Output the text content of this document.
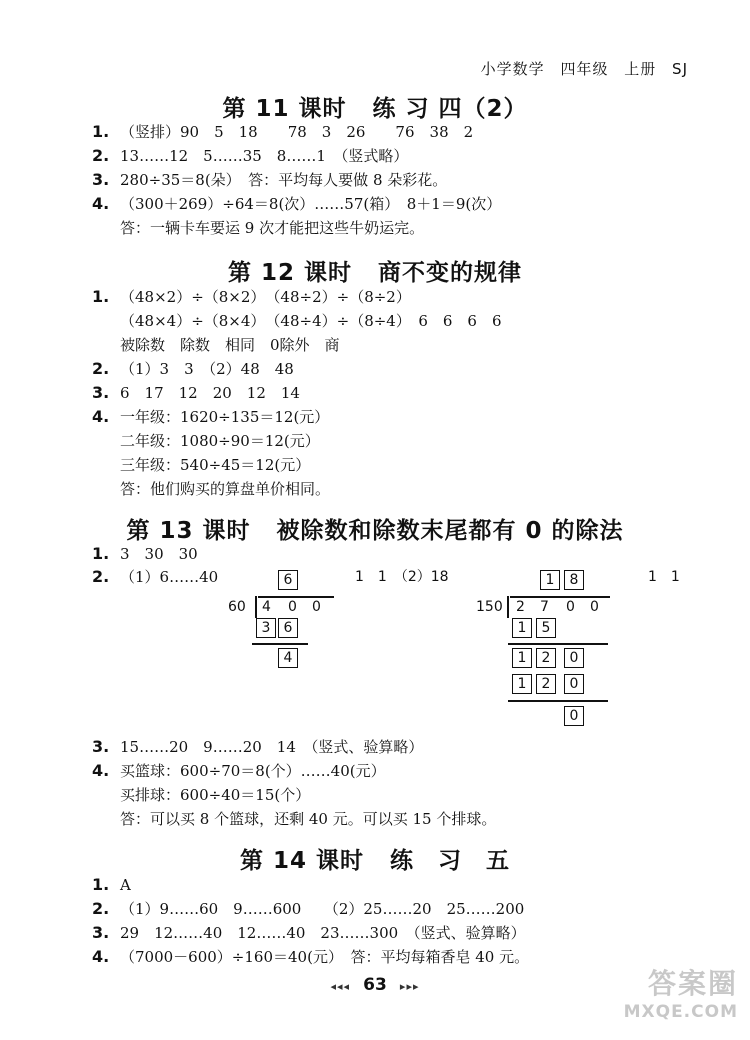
小学数学 四年级 上册 SJ
第 11 课时 练 习 四（2）
1. （竖排）90　5　18　　78　3　26　　76　38　2
2. 13……12　5……35　8……1　（竖式略）
3. 280÷35＝8(朵）　答：平均每人要做 8 朵彩花。
4. （300＋269）÷64＝8(次）……57(箱）　8＋1＝9(次）
答：一辆卡车要运 9 次才能把这些牛奶运完。
第 12 课时 商不变的规律
1. （48×2）÷（8×2）　（48÷2）÷（8÷2）
（48×4）÷（8×4）　（48÷4）÷（8÷4）　6　6　6　6
被除数　除数　相同　0除外　商
2. （1）3　3　（2）48　48
3. 6　17　12　20　12　14
4. 一年级：1620÷135＝12(元）
二年级：1080÷90＝12(元）
三年级：540÷45＝12(元）
答：他们购买的算盘单价相同。
第 13 课时 被除数和除数末尾都有 0 的除法
1. 3　30　30
2. （1）6……40	1　1　（2）18	1　1
6
60 4 0 0
3 6
4
1	8
150 2 7 0 0
1	5
1	2	0
1	2	0
0
3. 15……20　9……20　14　（竖式、验算略）
4. 买篮球：600÷70＝8(个）……40(元）
买排球：600÷40＝15(个）
答：可以买 8 个篮球，还剩 40 元。可以买 15 个排球。
第 14 课时 练　习　五
1. A
2. （1）9……60　9……600　　（2）25……20　25……200
3. 29　12……40　12……40　23……300　（竖式、验算略）
4. （7000－600）÷160＝40(元）　答：平均每箱香皂 40 元。
◂◂◂ 63 ▸▸▸	答案圈
MXQE.COM
